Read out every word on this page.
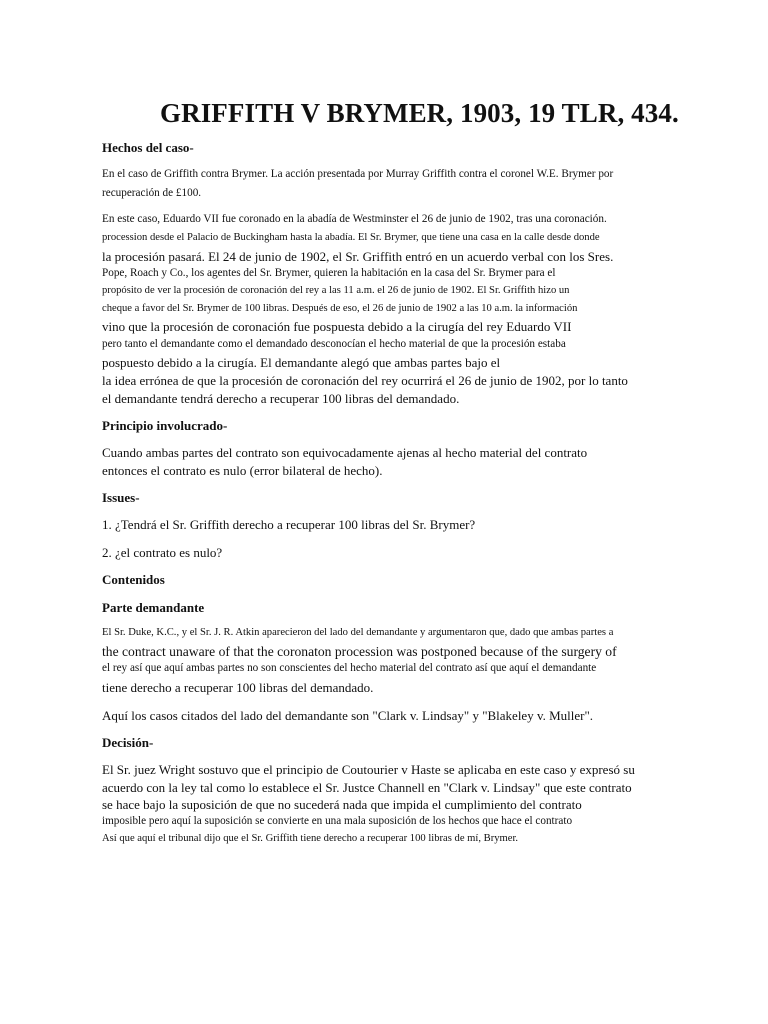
GRIFFITH V BRYMER, 1903, 19 TLR, 434.

Hechos del caso-

En el caso de Griffith contra Brymer. La acción presentada por Murray Griffith contra el coronel W.E. Brymer por

recuperación de £100.

En este caso, Eduardo VII fue coronado en la abadía de Westminster el 26 de junio de 1902, tras una coronación.

procession desde el Palacio de Buckingham hasta la abadía. El Sr. Brymer, que tiene una casa en la calle desde donde

la procesión pasará. El 24 de junio de 1902, el Sr. Griffith entró en un acuerdo verbal con los Sres.

Pope, Roach y Co., los agentes del Sr. Brymer, quieren la habitación en la casa del Sr. Brymer para el

propósito de ver la procesión de coronación del rey a las 11 a.m. el 26 de junio de 1902. El Sr. Griffith hizo un

cheque a favor del Sr. Brymer de 100 libras. Después de eso, el 26 de junio de 1902 a las 10 a.m. la información

vino que la procesión de coronación fue pospuesta debido a la cirugía del rey Eduardo VII

pero tanto el demandante como el demandado desconocían el hecho material de que la procesión estaba

pospuesto debido a la cirugía. El demandante alegó que ambas partes bajo el

la idea errónea de que la procesión de coronación del rey ocurrirá el 26 de junio de 1902, por lo tanto

el demandante tendrá derecho a recuperar 100 libras del demandado.

Principio involucrado-

Cuando ambas partes del contrato son equivocadamente ajenas al hecho material del contrato

entonces el contrato es nulo (error bilateral de hecho).

Issues-

1. ¿Tendrá el Sr. Griffith derecho a recuperar 100 libras del Sr. Brymer?

2. ¿el contrato es nulo?

Contenidos

Parte demandante

El Sr. Duke, K.C., y el Sr. J. R. Atkin aparecieron del lado del demandante y argumentaron que, dado que ambas partes a

the contract unaware of that the coronaton procession was postponed because of the surgery of

el rey así que aquí ambas partes no son conscientes del hecho material del contrato así que aquí el demandante

tiene derecho a recuperar 100 libras del demandado.

Aquí los casos citados del lado del demandante son "Clark v. Lindsay" y "Blakeley v. Muller".

Decisión-

El Sr. juez Wright sostuvo que el principio de Coutourier v Haste se aplicaba en este caso y expresó su

acuerdo con la ley tal como lo establece el Sr. Justce Channell en "Clark v. Lindsay" que este contrato

se hace bajo la suposición de que no sucederá nada que impida el cumplimiento del contrato

imposible pero aquí la suposición se convierte en una mala suposición de los hechos que hace el contrato

Así que aquí el tribunal dijo que el Sr. Griffith tiene derecho a recuperar 100 libras de mí, Brymer.
